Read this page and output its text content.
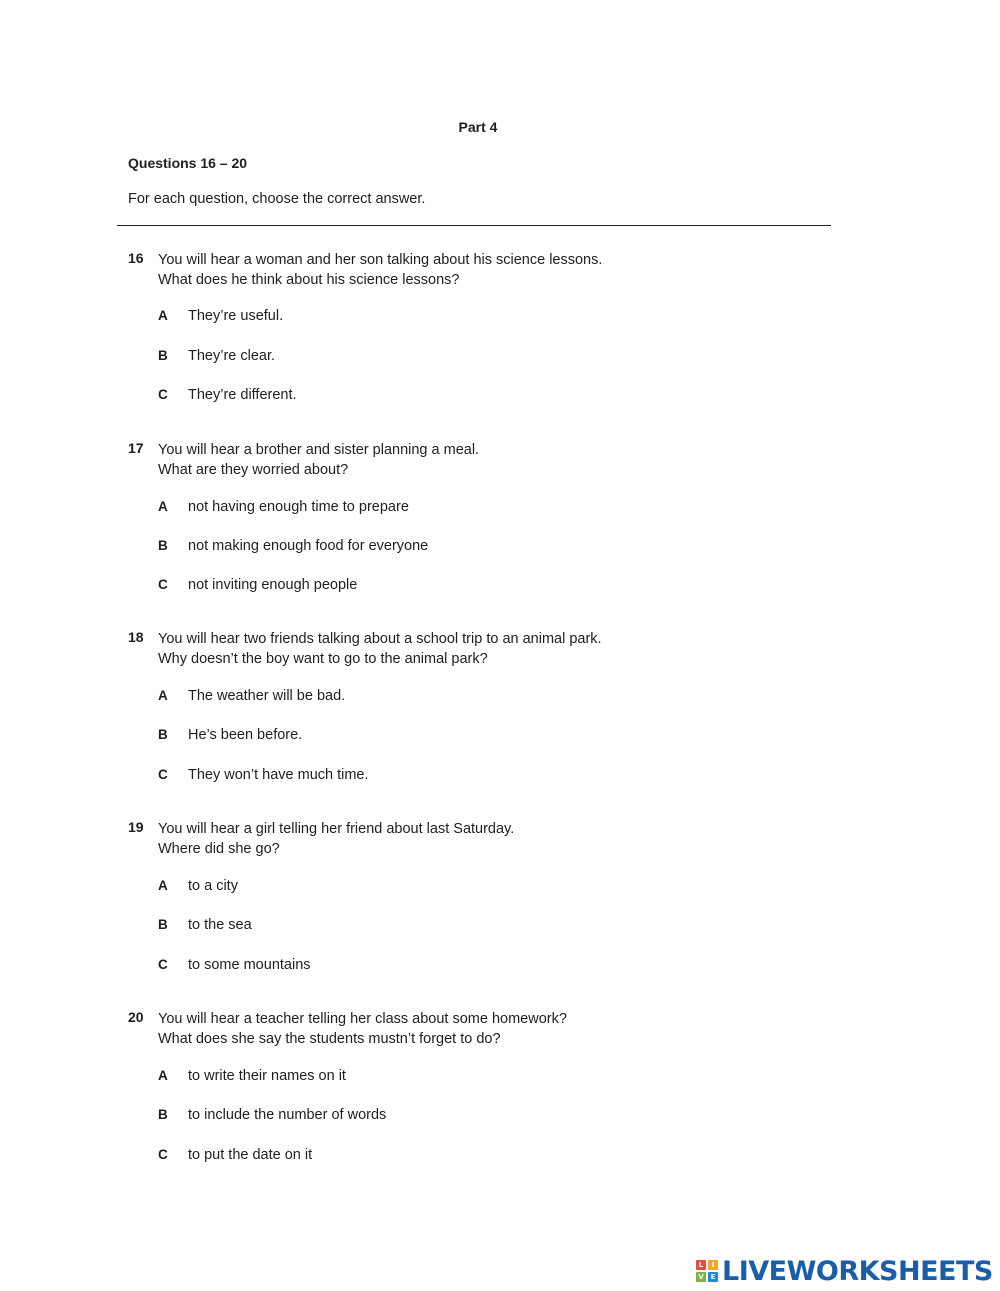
Part 4
Questions 16 – 20
For each question, choose the correct answer.
16 You will hear a woman and her son talking about his science lessons.
What does he think about his science lessons?
A They’re useful.
B They’re clear.
C They’re different.
17 You will hear a brother and sister planning a meal.
What are they worried about?
A not having enough time to prepare
B not making enough food for everyone
C not inviting enough people
18 You will hear two friends talking about a school trip to an animal park.
Why doesn’t the boy want to go to the animal park?
A The weather will be bad.
B He’s been before.
C They won’t have much time.
19 You will hear a girl telling her friend about last Saturday.
Where did she go?
A to a city
B to the sea
C to some mountains
20 You will hear a teacher telling her class about some homework?
What does she say the students mustn’t forget to do?
A to write their names on it
B to include the number of words
C to put the date on it
L	I
V E LIVEWORKSHEETS
